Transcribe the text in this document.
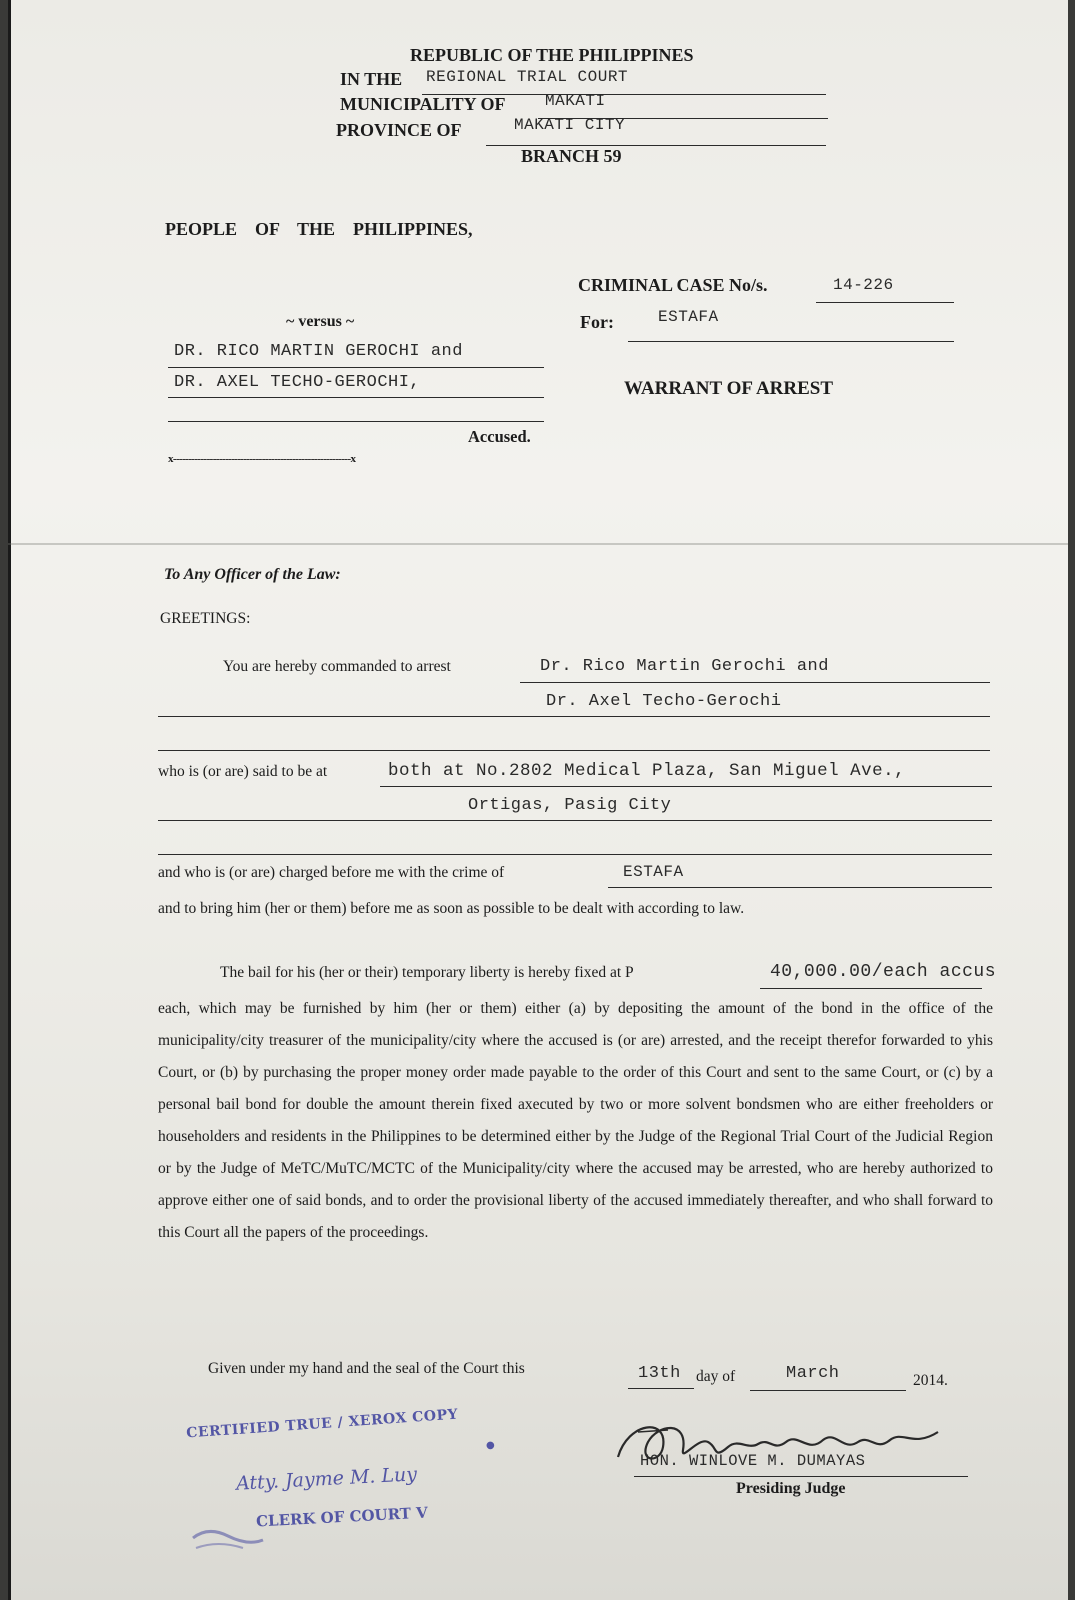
REPUBLIC OF THE PHILIPPINES
IN THE REGIONAL TRIAL COURT
MUNICIPALITY OF MAKATI
PROVINCE OF	MAKATI CITY
BRANCH 59
PEOPLE    OF    THE    PHILIPPINES,
CRIMINAL CASE No/s.	14-226
~ versus ~	For:	ESTAFA
DR. RICO MARTIN GEROCHI and
DR. AXEL TECHO-GEROCHI,	WARRANT OF ARREST
Accused.
x----------------------------------------------------------x
To Any Officer of the Law:
GREETINGS:
You are hereby commanded to arrest	Dr. Rico Martin Gerochi and
Dr. Axel Techo-Gerochi
who is (or are) said to be at	both at No.2802 Medical Plaza, San Miguel Ave.,
Ortigas, Pasig City
and who is (or are) charged before me with the crime of	ESTAFA
and to bring him (her or them) before me as soon as possible to be dealt with according to law.
The bail for his (her or their) temporary liberty is hereby fixed at P	40,000.00/each accus
each, which may be furnished by him (her or them) either (a) by depositing the amount of the bond in the office of the municipality/city treasurer of the municipality/city where the accused is (or are) arrested, and the receipt therefor forwarded to yhis Court, or (b) by purchasing the proper money order made payable to the order of this Court and sent to the same Court, or (c) by a personal bail bond for double the amount therein fixed axecuted by two or more solvent bondsmen who are either freeholders or householders and residents in the Philippines to be determined either by the Judge of the Regional Trial Court of the Judicial Region or by the Judge of MeTC/MuTC/MCTC of the Municipality/city where the accused may be arrested, who are hereby authorized to approve either one of said bonds, and to order the provisional liberty of the accused immediately thereafter, and who shall forward to this Court all the papers of the proceedings.
Given under my hand and the seal of the Court this	13th day of	March	2014.
CERTIFIED TRUE / XEROX COPY
●
Atty. Jayme M. Luy
CLERK OF COURT V
HON. WINLOVE M. DUMAYAS
Presiding Judge
